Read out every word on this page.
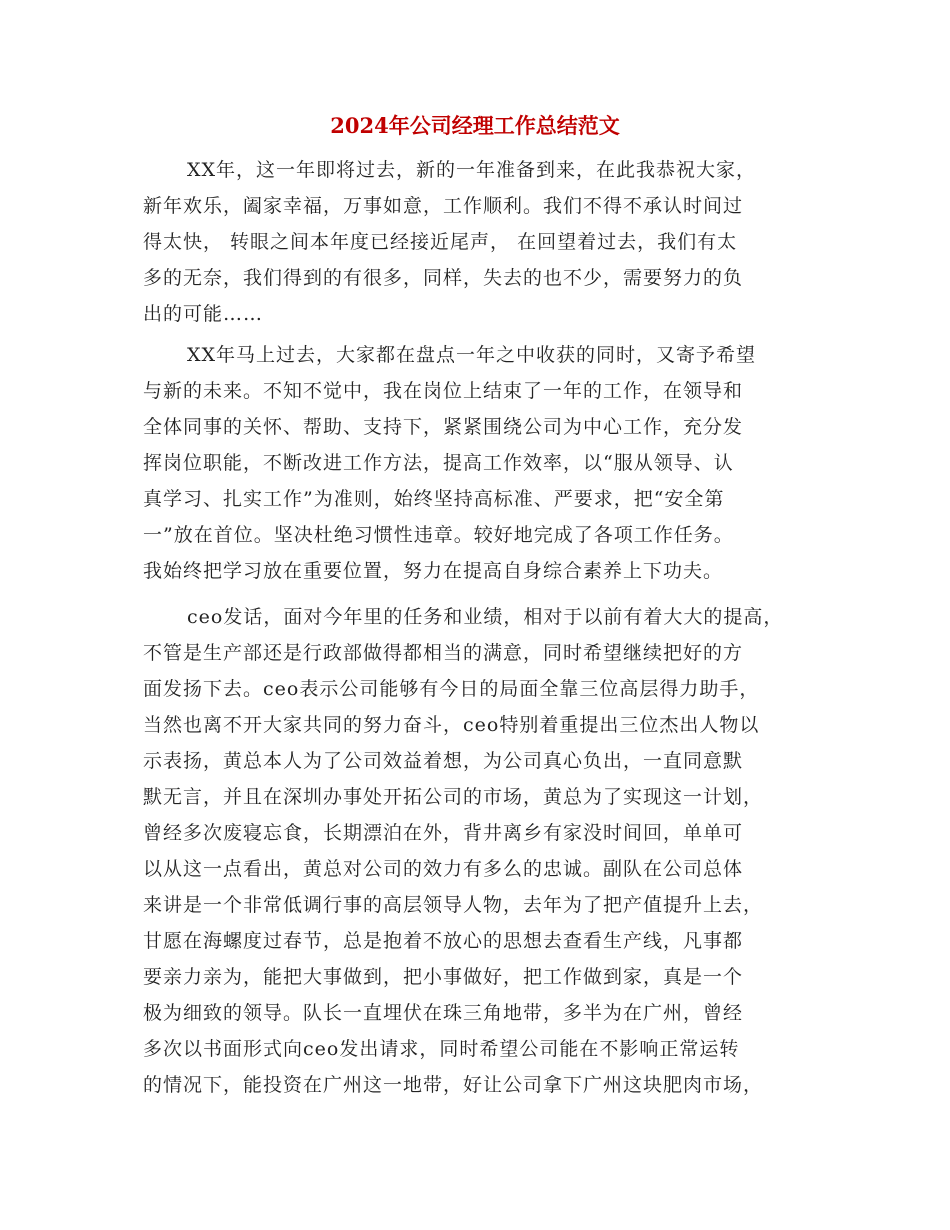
2024年公司经理工作总结范文
XX年，这一年即将过去，新的一年准备到来，在此我恭祝大家，
新年欢乐，阖家幸福，万事如意，工作顺利。我们不得不承认时间过
得太快， 转眼之间本年度已经接近尾声， 在回望着过去，我们有太
多的无奈，我们得到的有很多，同样，失去的也不少，需要努力的负
出的可能……
XX年马上过去，大家都在盘点一年之中收获的同时，又寄予希望
与新的未来。不知不觉中，我在岗位上结束了一年的工作，在领导和
全体同事的关怀、帮助、支持下，紧紧围绕公司为中心工作，充分发
挥岗位职能，不断改进工作方法，提高工作效率，以“服从领导、认
真学习、扎实工作”为准则，始终坚持高标准、严要求，把“安全第
一”放在首位。坚决杜绝习惯性违章。较好地完成了各项工作任务。
我始终把学习放在重要位置，努力在提高自身综合素养上下功夫。
ceo发话，面对今年里的任务和业绩，相对于以前有着大大的提高，
不管是生产部还是行政部做得都相当的满意，同时希望继续把好的方
面发扬下去。ceo表示公司能够有今日的局面全靠三位高层得力助手，
当然也离不开大家共同的努力奋斗，ceo特别着重提出三位杰出人物以
示表扬，黄总本人为了公司效益着想，为公司真心负出，一直同意默
默无言，并且在深圳办事处开拓公司的市场，黄总为了实现这一计划，
曾经多次废寝忘食，长期漂泊在外，背井离乡有家没时间回，单单可
以从这一点看出，黄总对公司的效力有多么的忠诚。副队在公司总体
来讲是一个非常低调行事的高层领导人物，去年为了把产值提升上去，
甘愿在海螺度过春节，总是抱着不放心的思想去查看生产线，凡事都
要亲力亲为，能把大事做到，把小事做好，把工作做到家，真是一个
极为细致的领导。队长一直埋伏在珠三角地带，多半为在广州，曾经
多次以书面形式向ceo发出请求，同时希望公司能在不影响正常运转
的情况下，能投资在广州这一地带，好让公司拿下广州这块肥肉市场，
